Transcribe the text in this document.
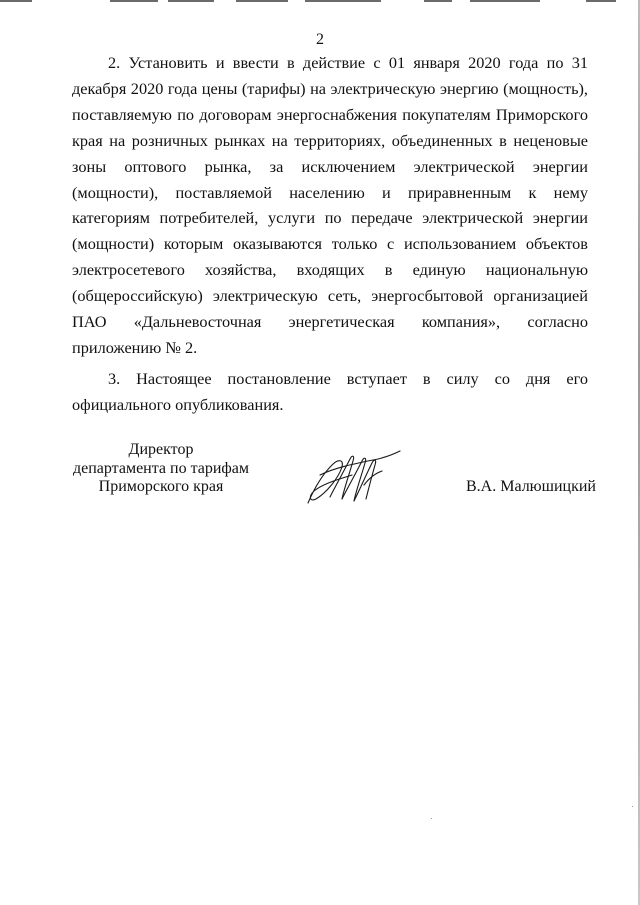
2

2. Установить и ввести в действие с 01 января 2020 года по 31 декабря 2020 года цены (тарифы) на электрическую энергию (мощность), поставляемую по договорам энергоснабжения покупателям Приморского края на розничных рынках на территориях, объединенных в неценовые зоны оптового рынка, за исключением электрической энергии (мощности), поставляемой населению и приравненным к нему категориям потребителей, услуги по передаче электрической энергии (мощности) которым оказываются только с использованием объектов электросетевого хозяйства, входящих в единую национальную (общероссийскую) электрическую сеть, энергосбытовой организацией ПАО «Дальневосточная энергетическая компания», согласно приложению № 2.

3. Настоящее постановление вступает в силу со дня его официального опубликования.

Директор
департамента по тарифам
Приморского края	В.А. Малюшицкий
